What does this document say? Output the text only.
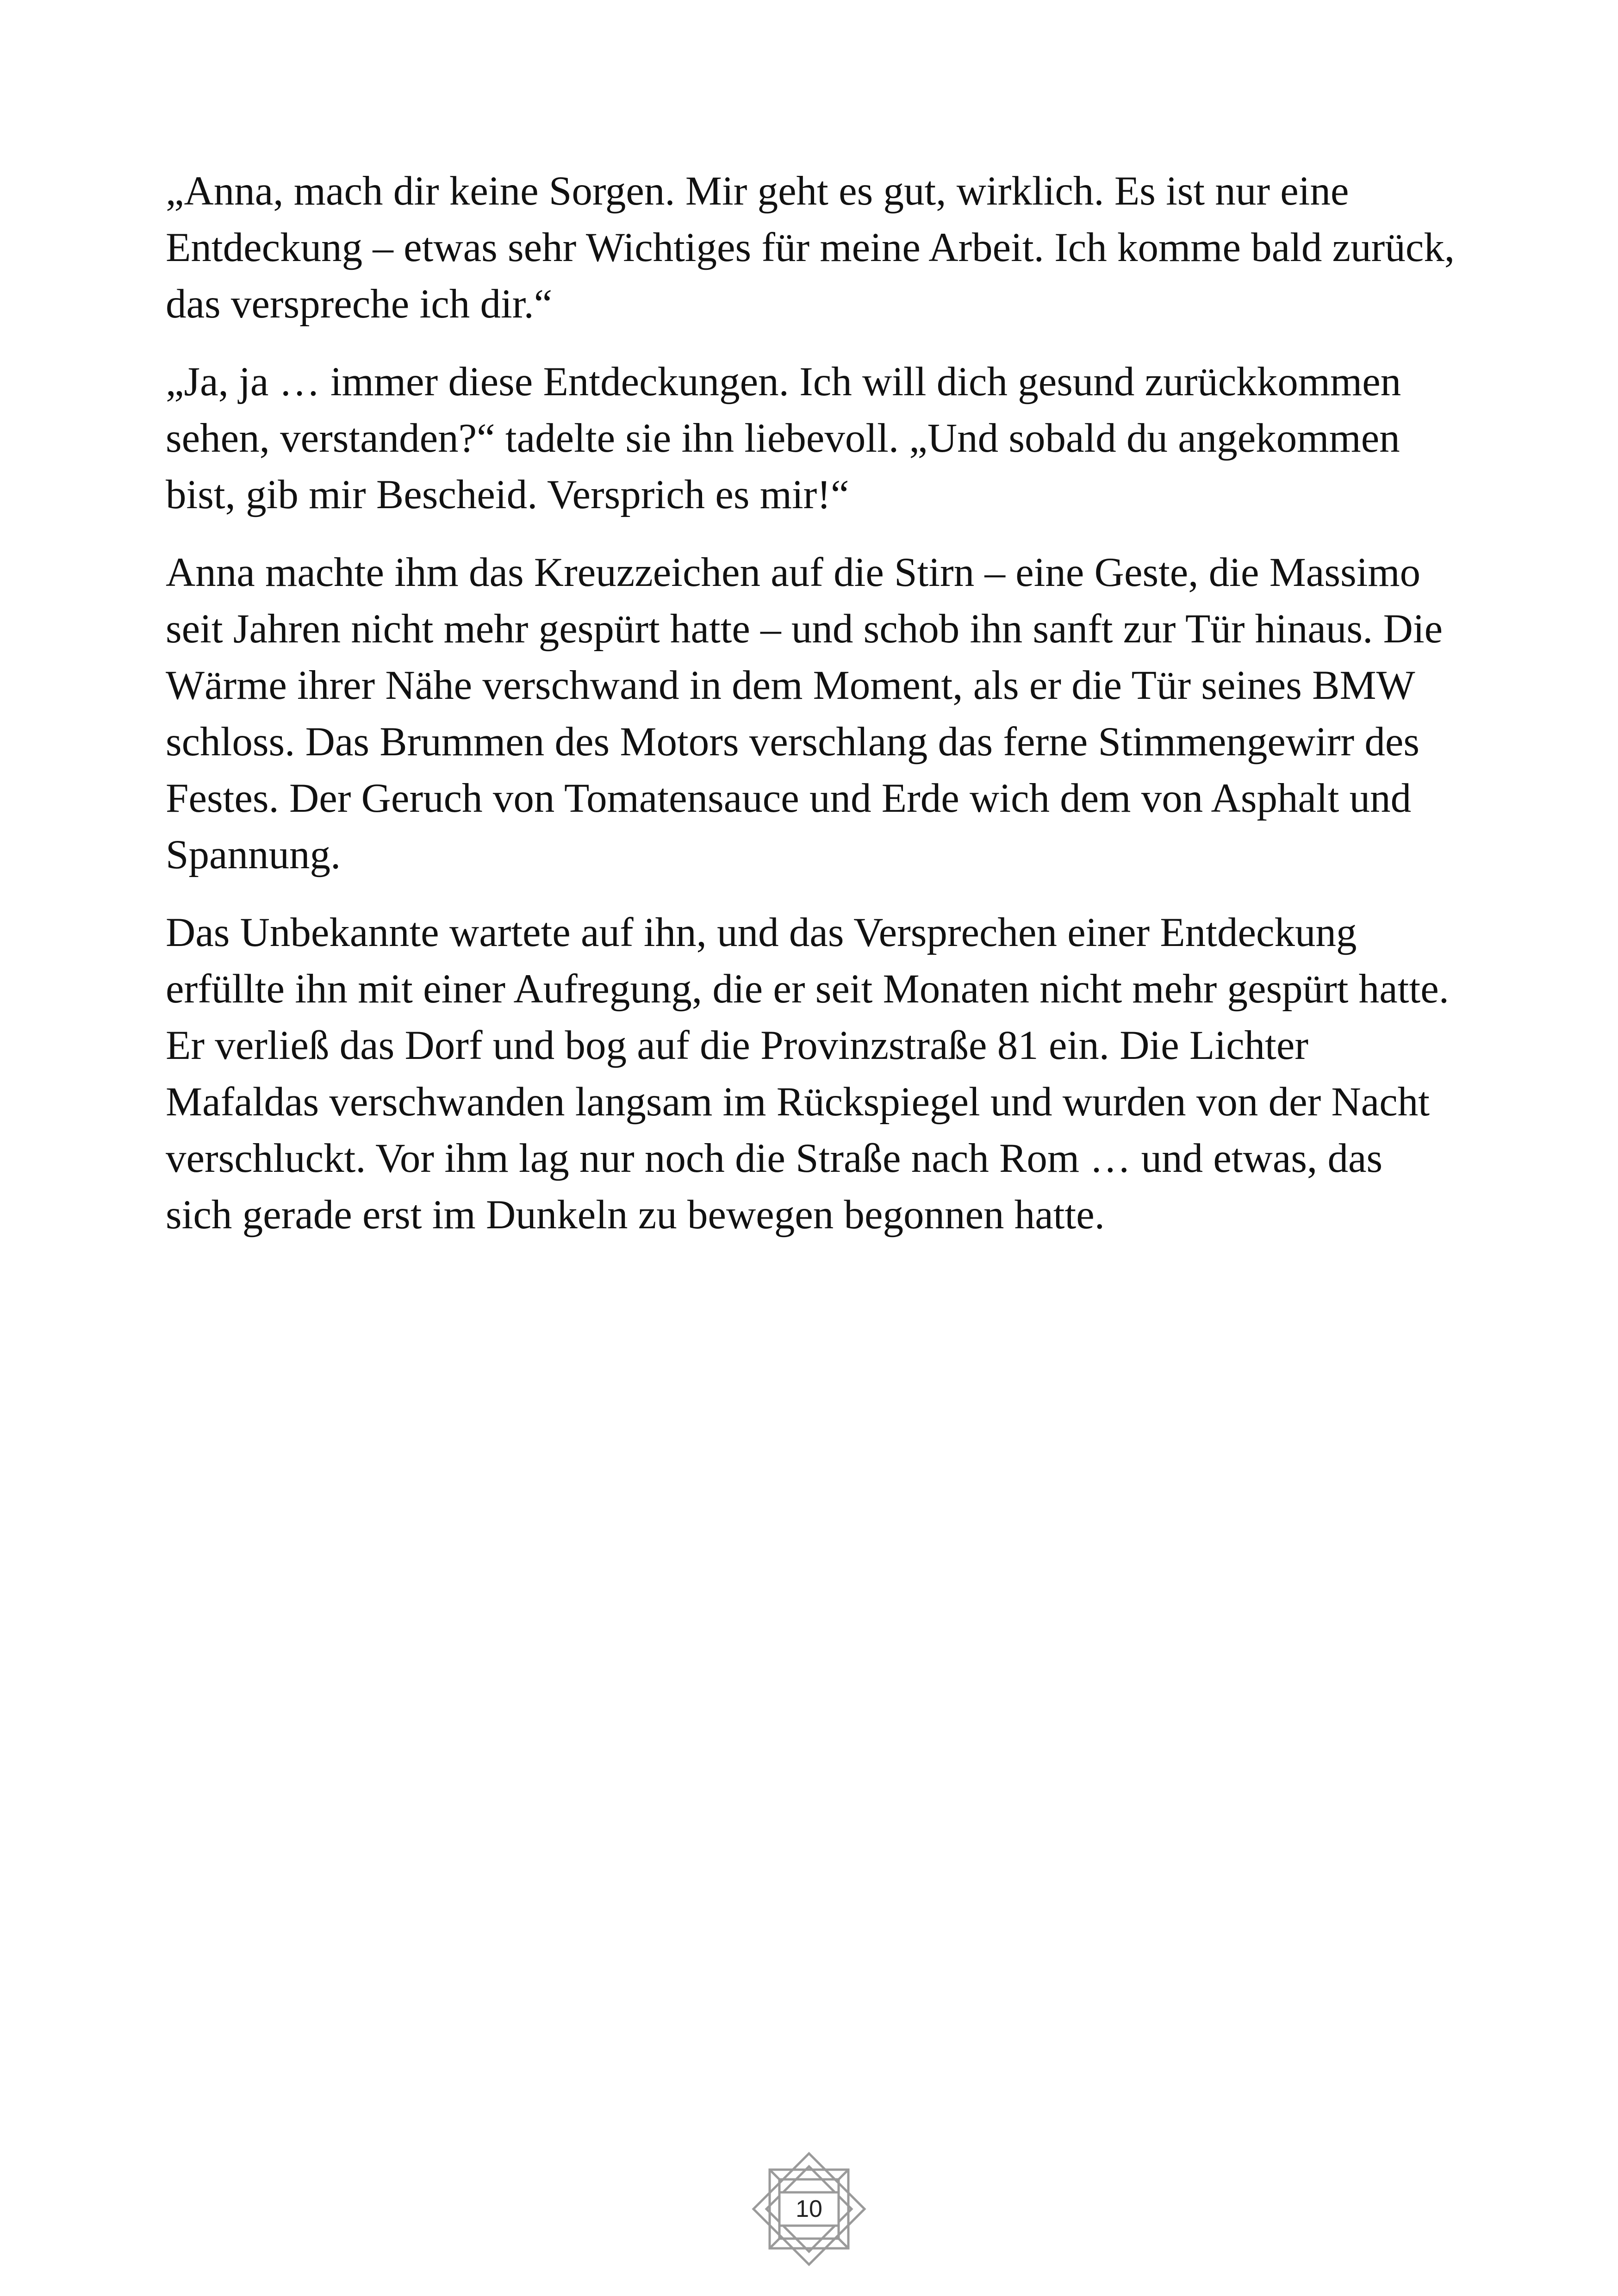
„Anna, mach dir keine Sorgen. Mir geht es gut, wirklich. Es ist nur eine Entdeckung – etwas sehr Wichtiges für meine Arbeit. Ich komme bald zurück, das verspreche ich dir.“

„Ja, ja … immer diese Entdeckungen. Ich will dich gesund zurückkommen sehen, verstanden?“ tadelte sie ihn liebevoll. „Und sobald du angekommen bist, gib mir Bescheid. Versprich es mir!“

Anna machte ihm das Kreuzzeichen auf die Stirn – eine Geste, die Massimo seit Jahren nicht mehr gespürt hatte – und schob ihn sanft zur Tür hinaus. Die Wärme ihrer Nähe verschwand in dem Moment, als er die Tür seines BMW schloss. Das Brummen des Motors verschlang das ferne Stimmengewirr des Festes. Der Geruch von Tomatensauce und Erde wich dem von Asphalt und Spannung.

Das Unbekannte wartete auf ihn, und das Versprechen einer Entdeckung erfüllte ihn mit einer Aufregung, die er seit Monaten nicht mehr gespürt hatte. Er verließ das Dorf und bog auf die Provinzstraße 81 ein. Die Lichter Mafaldas verschwanden langsam im Rückspiegel und wurden von der Nacht verschluckt. Vor ihm lag nur noch die Straße nach Rom … und etwas, das sich gerade erst im Dunkeln zu bewegen begonnen hatte.

10
